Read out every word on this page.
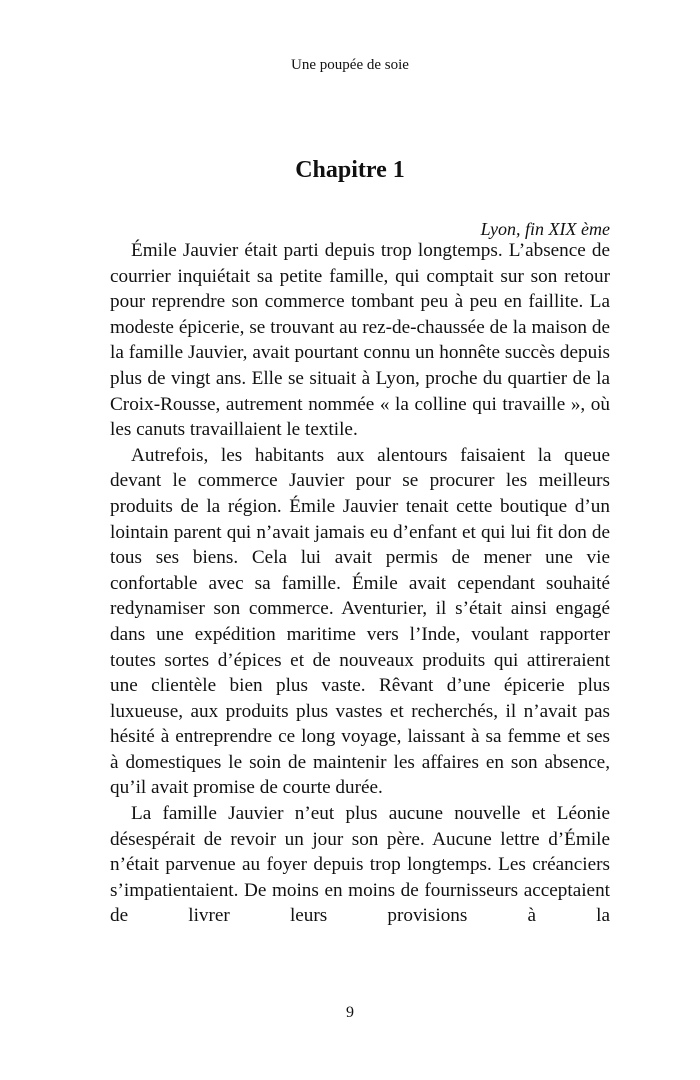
Une poupée de soie
Chapitre 1
Lyon, fin XIX ème

Émile Jauvier était parti depuis trop longtemps. L’absence de courrier inquiétait sa petite famille, qui comptait sur son retour pour reprendre son commerce tombant peu à peu en faillite. La modeste épicerie, se trouvant au rez-de-chaussée de la maison de la famille Jauvier, avait pourtant connu un honnête succès depuis plus de vingt ans. Elle se situait à Lyon, proche du quartier de la Croix-Rousse, autrement nommée « la colline qui travaille », où les canuts travaillaient le textile.

Autrefois, les habitants aux alentours faisaient la queue devant le commerce Jauvier pour se procurer les meilleurs produits de la région. Émile Jauvier tenait cette boutique d’un lointain parent qui n’avait jamais eu d’enfant et qui lui fit don de tous ses biens. Cela lui avait permis de mener une vie confortable avec sa famille. Émile avait cependant souhaité redynamiser son commerce. Aventurier, il s’était ainsi engagé dans une expédition maritime vers l’Inde, voulant rapporter toutes sortes d’épices et de nouveaux produits qui attireraient une clientèle bien plus vaste. Rêvant d’une épicerie plus luxueuse, aux produits plus vastes et recherchés, il n’avait pas hésité à entreprendre ce long voyage, laissant à sa femme et ses à domestiques le soin de maintenir les affaires en son absence, qu’il avait promise de courte durée.

La famille Jauvier n’eut plus aucune nouvelle et Léonie désespérait de revoir un jour son père. Aucune lettre d’Émile n’était parvenue au foyer depuis trop longtemps. Les créanciers s’impatientaient. De moins en moins de fournisseurs acceptaient de livrer leurs provisions à la

9
